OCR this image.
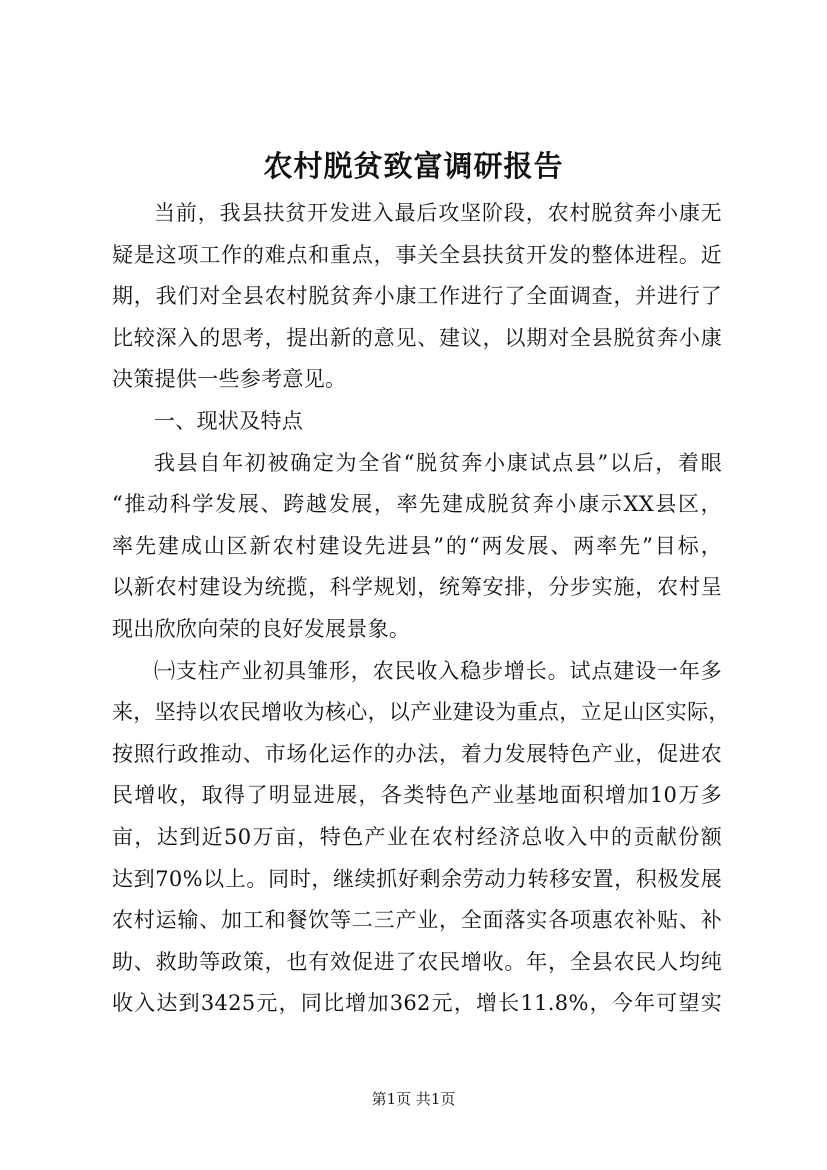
农村脱贫致富调研报告
当前，我县扶贫开发进入最后攻坚阶段，农村脱贫奔小康无
疑是这项工作的难点和重点，事关全县扶贫开发的整体进程。近
期，我们对全县农村脱贫奔小康工作进行了全面调查，并进行了
比较深入的思考，提出新的意见、建议，以期对全县脱贫奔小康
决策提供一些参考意见。
一、现状及特点
我县自年初被确定为全省“脱贫奔小康试点县”以后，着眼
“推动科学发展、跨越发展，率先建成脱贫奔小康示XX县区，
率先建成山区新农村建设先进县”的“两发展、两率先”目标，
以新农村建设为统揽，科学规划，统筹安排，分步实施，农村呈
现出欣欣向荣的良好发展景象。
㈠支柱产业初具雏形，农民收入稳步增长。试点建设一年多
来，坚持以农民增收为核心，以产业建设为重点，立足山区实际，
按照行政推动、市场化运作的办法，着力发展特色产业，促进农
民增收，取得了明显进展，各类特色产业基地面积增加10万多
亩，达到近50万亩，特色产业在农村经济总收入中的贡献份额
达到70%以上。同时，继续抓好剩余劳动力转移安置，积极发展
农村运输、加工和餐饮等二三产业，全面落实各项惠农补贴、补
助、救助等政策，也有效促进了农民增收。年，全县农民人均纯
收入达到3425元，同比增加362元，增长11.8%，今年可望实
第1页 共1页
